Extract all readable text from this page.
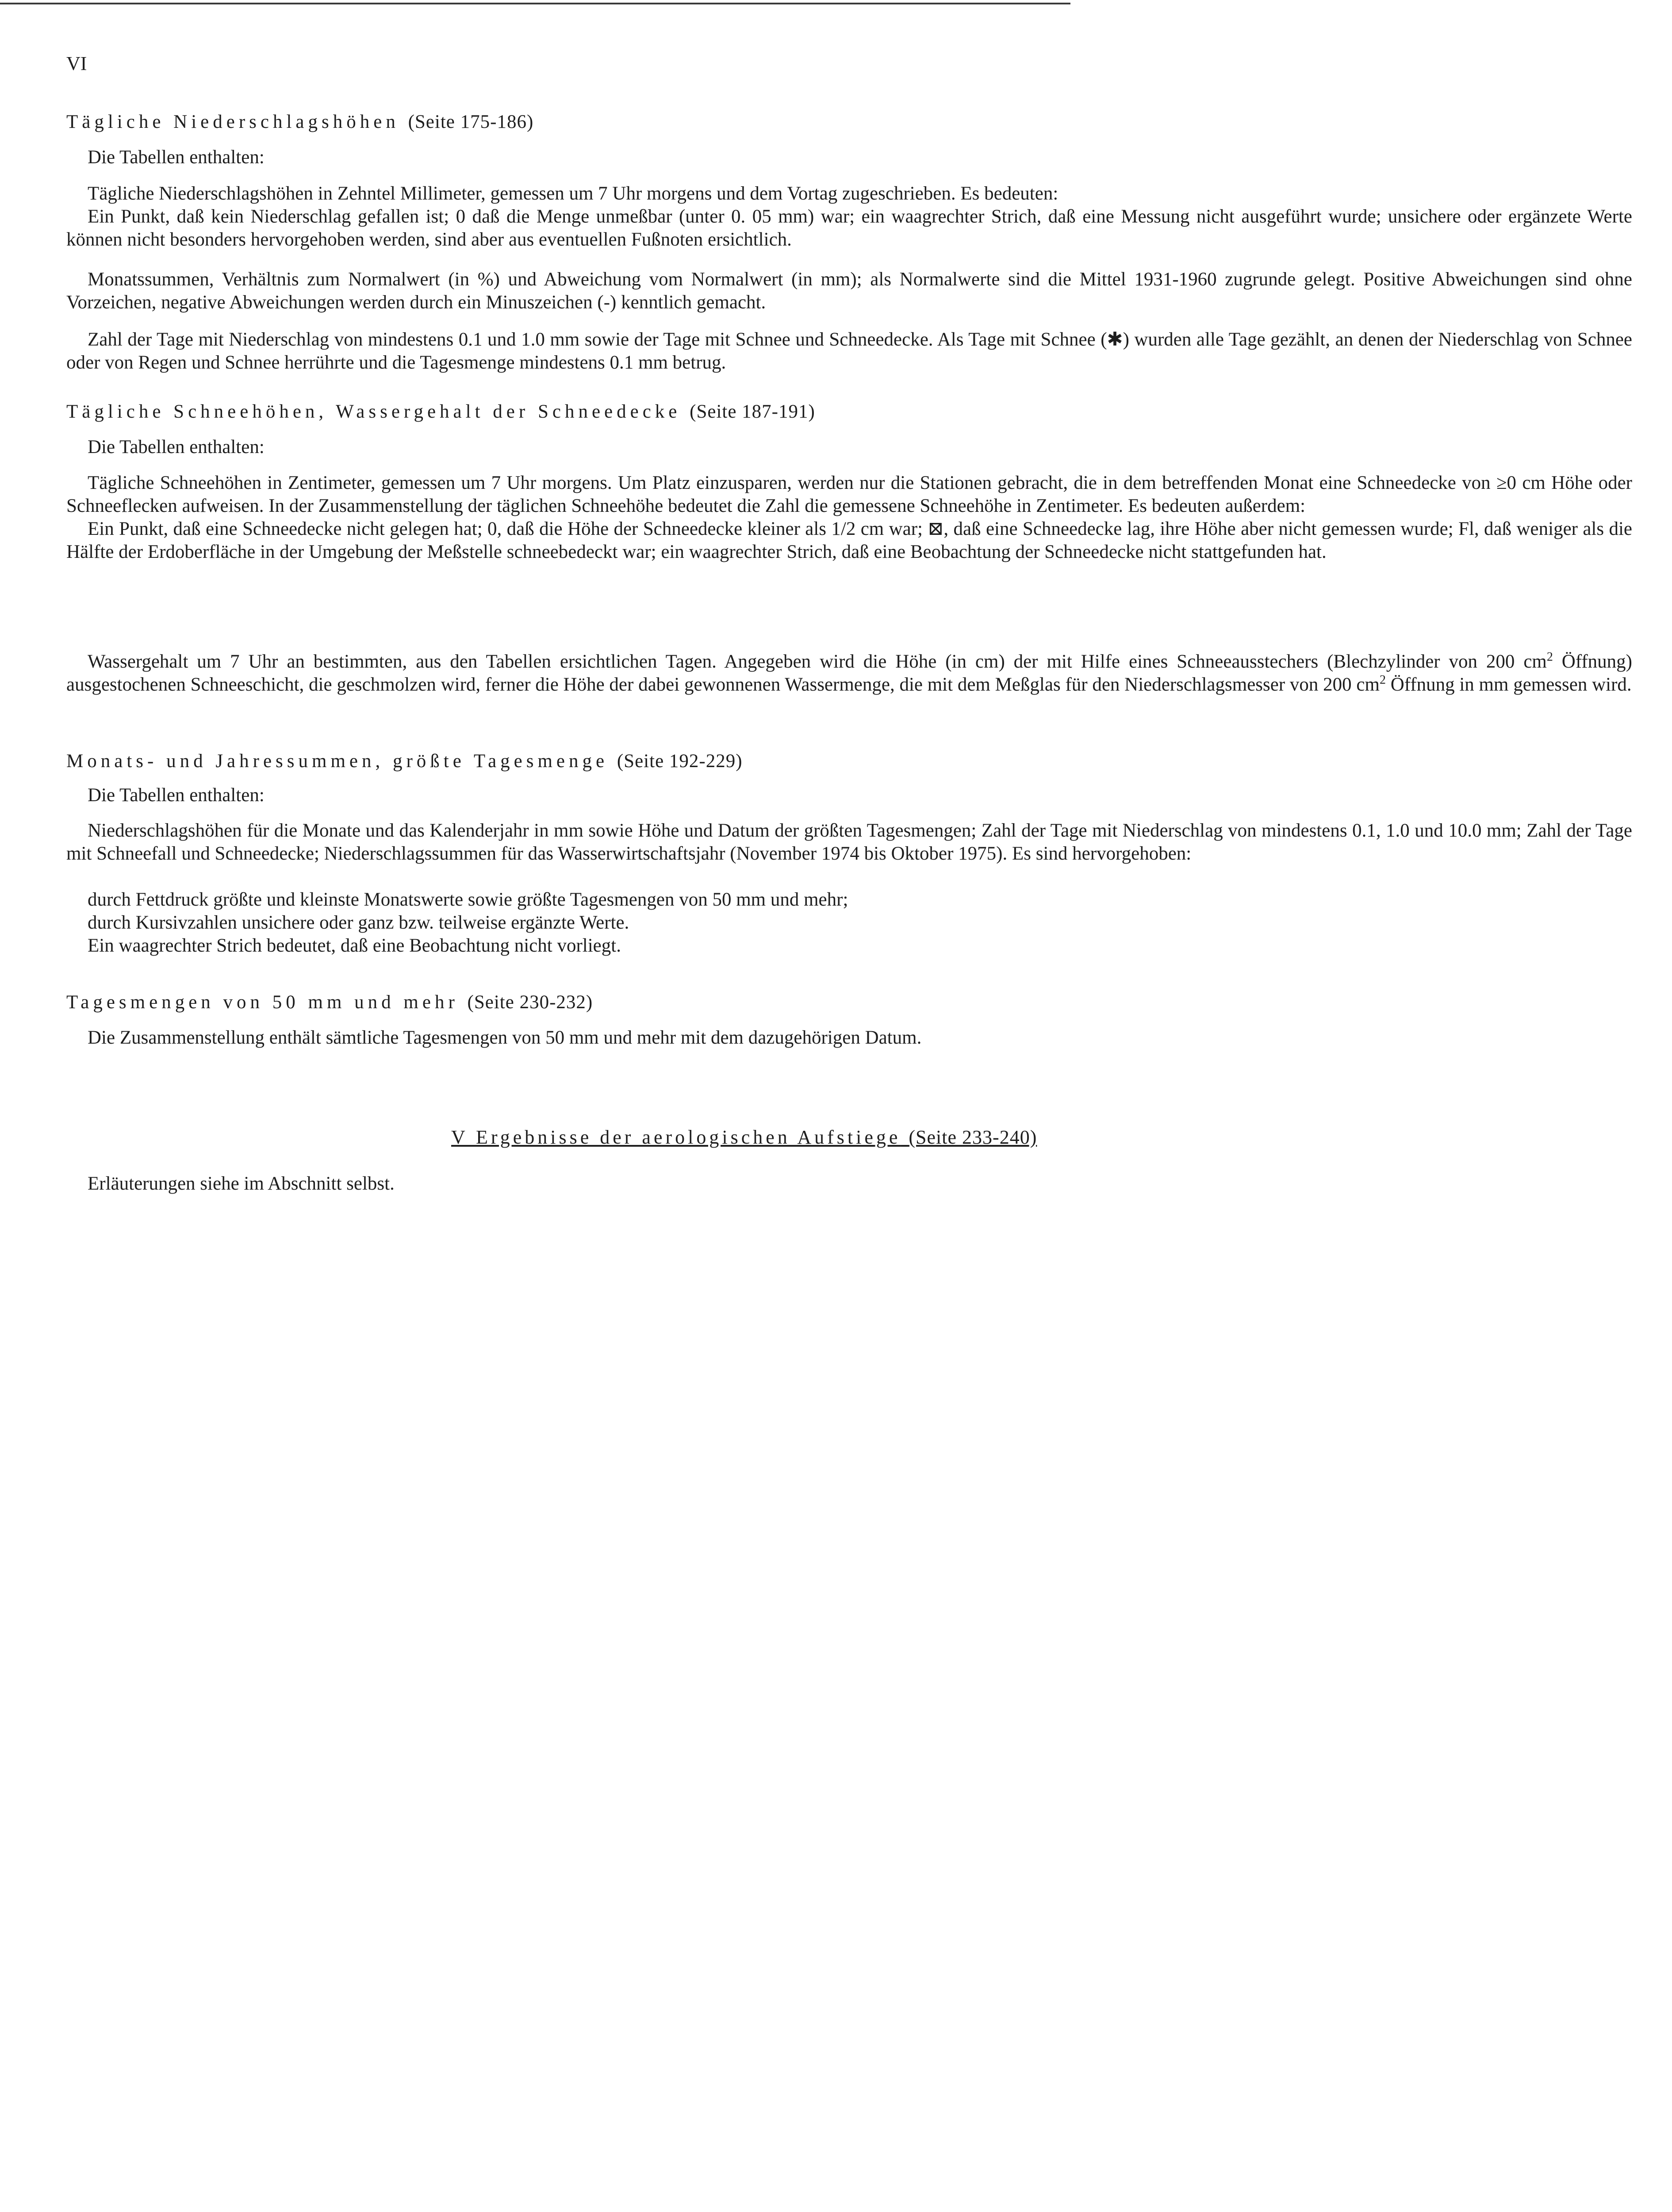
VI
Tägliche Niederschlagshöhen (Seite 175-186)
Die Tabellen enthalten:
Tägliche Niederschlagshöhen in Zehntel Millimeter, gemessen um 7 Uhr morgens und dem Vortag zugeschrieben. Es bedeuten:
Ein Punkt, daß kein Niederschlag gefallen ist; 0 daß die Menge unmeßbar (unter 0. 05 mm) war; ein waagrechter Strich, daß eine Messung nicht ausgeführt wurde; unsichere oder ergänzete Werte können nicht besonders hervorgehoben werden, sind aber aus eventuellen Fußnoten ersichtlich.
Monatssummen, Verhältnis zum Normalwert (in %) und Abweichung vom Normalwert (in mm); als Normalwerte sind die Mittel 1931-1960 zugrunde gelegt. Positive Abweichungen sind ohne Vorzeichen, negative Abweichungen werden durch ein Minuszeichen (-) kenntlich gemacht.
Zahl der Tage mit Niederschlag von mindestens 0.1 und 1.0 mm sowie der Tage mit Schnee und Schneedecke. Als Tage mit Schnee (✱) wurden alle Tage gezählt, an denen der Niederschlag von Schnee oder von Regen und Schnee herrührte und die Tagesmenge mindestens 0.1 mm betrug.
Tägliche Schneehöhen, Wassergehalt der Schneedecke (Seite 187-191)
Die Tabellen enthalten:
Tägliche Schneehöhen in Zentimeter, gemessen um 7 Uhr morgens. Um Platz einzusparen, werden nur die Stationen gebracht, die in dem betreffenden Monat eine Schneedecke von ≥0 cm Höhe oder Schneeflecken aufweisen. In der Zusammenstellung der täglichen Schneehöhe bedeutet die Zahl die gemessene Schneehöhe in Zentimeter. Es bedeuten außerdem:
Ein Punkt, daß eine Schneedecke nicht gelegen hat; 0, daß die Höhe der Schneedecke kleiner als 1/2 cm war; ⊠, daß eine Schneedecke lag, ihre Höhe aber nicht gemessen wurde; Fl, daß weniger als die Hälfte der Erdoberfläche in der Umgebung der Meßstelle schneebedeckt war; ein waagrechter Strich, daß eine Beobachtung der Schneedecke nicht stattgefunden hat.
Wassergehalt um 7 Uhr an bestimmten, aus den Tabellen ersichtlichen Tagen. Angegeben wird die Höhe (in cm) der mit Hilfe eines Schneeausstechers (Blechzylinder von 200 $cm^2$ Öffnung) ausgestochenen Schneeschicht, die geschmolzen wird, ferner die Höhe der dabei gewonnenen Wassermenge, die mit dem Meßglas für den Niederschlagsmesser von 200 $cm^2$ Öffnung in mm gemessen wird.
Monats- und Jahressummen, größte Tagesmenge (Seite 192-229)
Die Tabellen enthalten:
Niederschlagshöhen für die Monate und das Kalenderjahr in mm sowie Höhe und Datum der größten Tagesmengen; Zahl der Tage mit Niederschlag von mindestens 0.1, 1.0 und 10.0 mm; Zahl der Tage mit Schneefall und Schneedecke; Niederschlagssummen für das Wasserwirtschaftsjahr (November 1974 bis Oktober 1975). Es sind hervorgehoben:
durch Fettdruck größte und kleinste Monatswerte sowie größte Tagesmengen von 50 mm und mehr;
durch Kursivzahlen unsichere oder ganz bzw. teilweise ergänzte Werte.
Ein waagrechter Strich bedeutet, daß eine Beobachtung nicht vorliegt.
Tagesmengen von 50 mm und mehr (Seite 230-232)
Die Zusammenstellung enthält sämtliche Tagesmengen von 50 mm und mehr mit dem dazugehörigen Datum.
V Ergebnisse der aerologischen Aufstiege (Seite 233-240)
Erläuterungen siehe im Abschnitt selbst.
